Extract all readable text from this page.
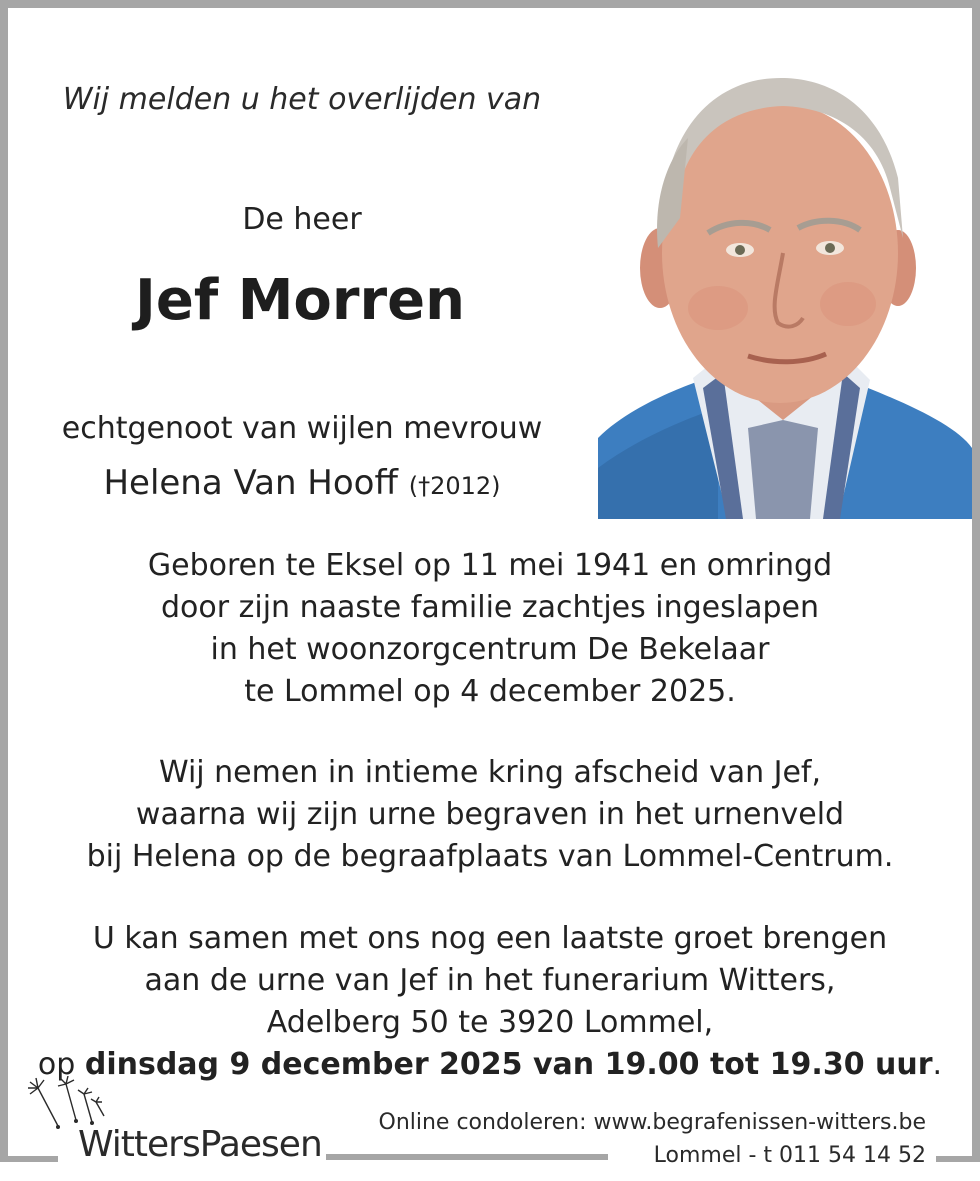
Wij melden u het overlijden van
De heer
Jef Morren
echtgenoot van wijlen mevrouw
Helena Van Hooff (†2012)
Geboren te Eksel op 11 mei 1941 en omringd
door zijn naaste familie zachtjes ingeslapen
in het woonzorgcentrum De Bekelaar
te Lommel op 4 december 2025.
Wij nemen in intieme kring afscheid van Jef,
waarna wij zijn urne begraven in het urnenveld
bij Helena op de begraafplaats van Lommel-Centrum.
U kan samen met ons nog een laatste groet brengen
aan de urne van Jef in het funerarium Witters,
Adelberg 50 te 3920 Lommel,
op dinsdag 9 december 2025 van 19.00 tot 19.30 uur.
WittersPaesen
Online condoleren: www.begrafenissen-witters.be
Lommel - t 011 54 14 52
